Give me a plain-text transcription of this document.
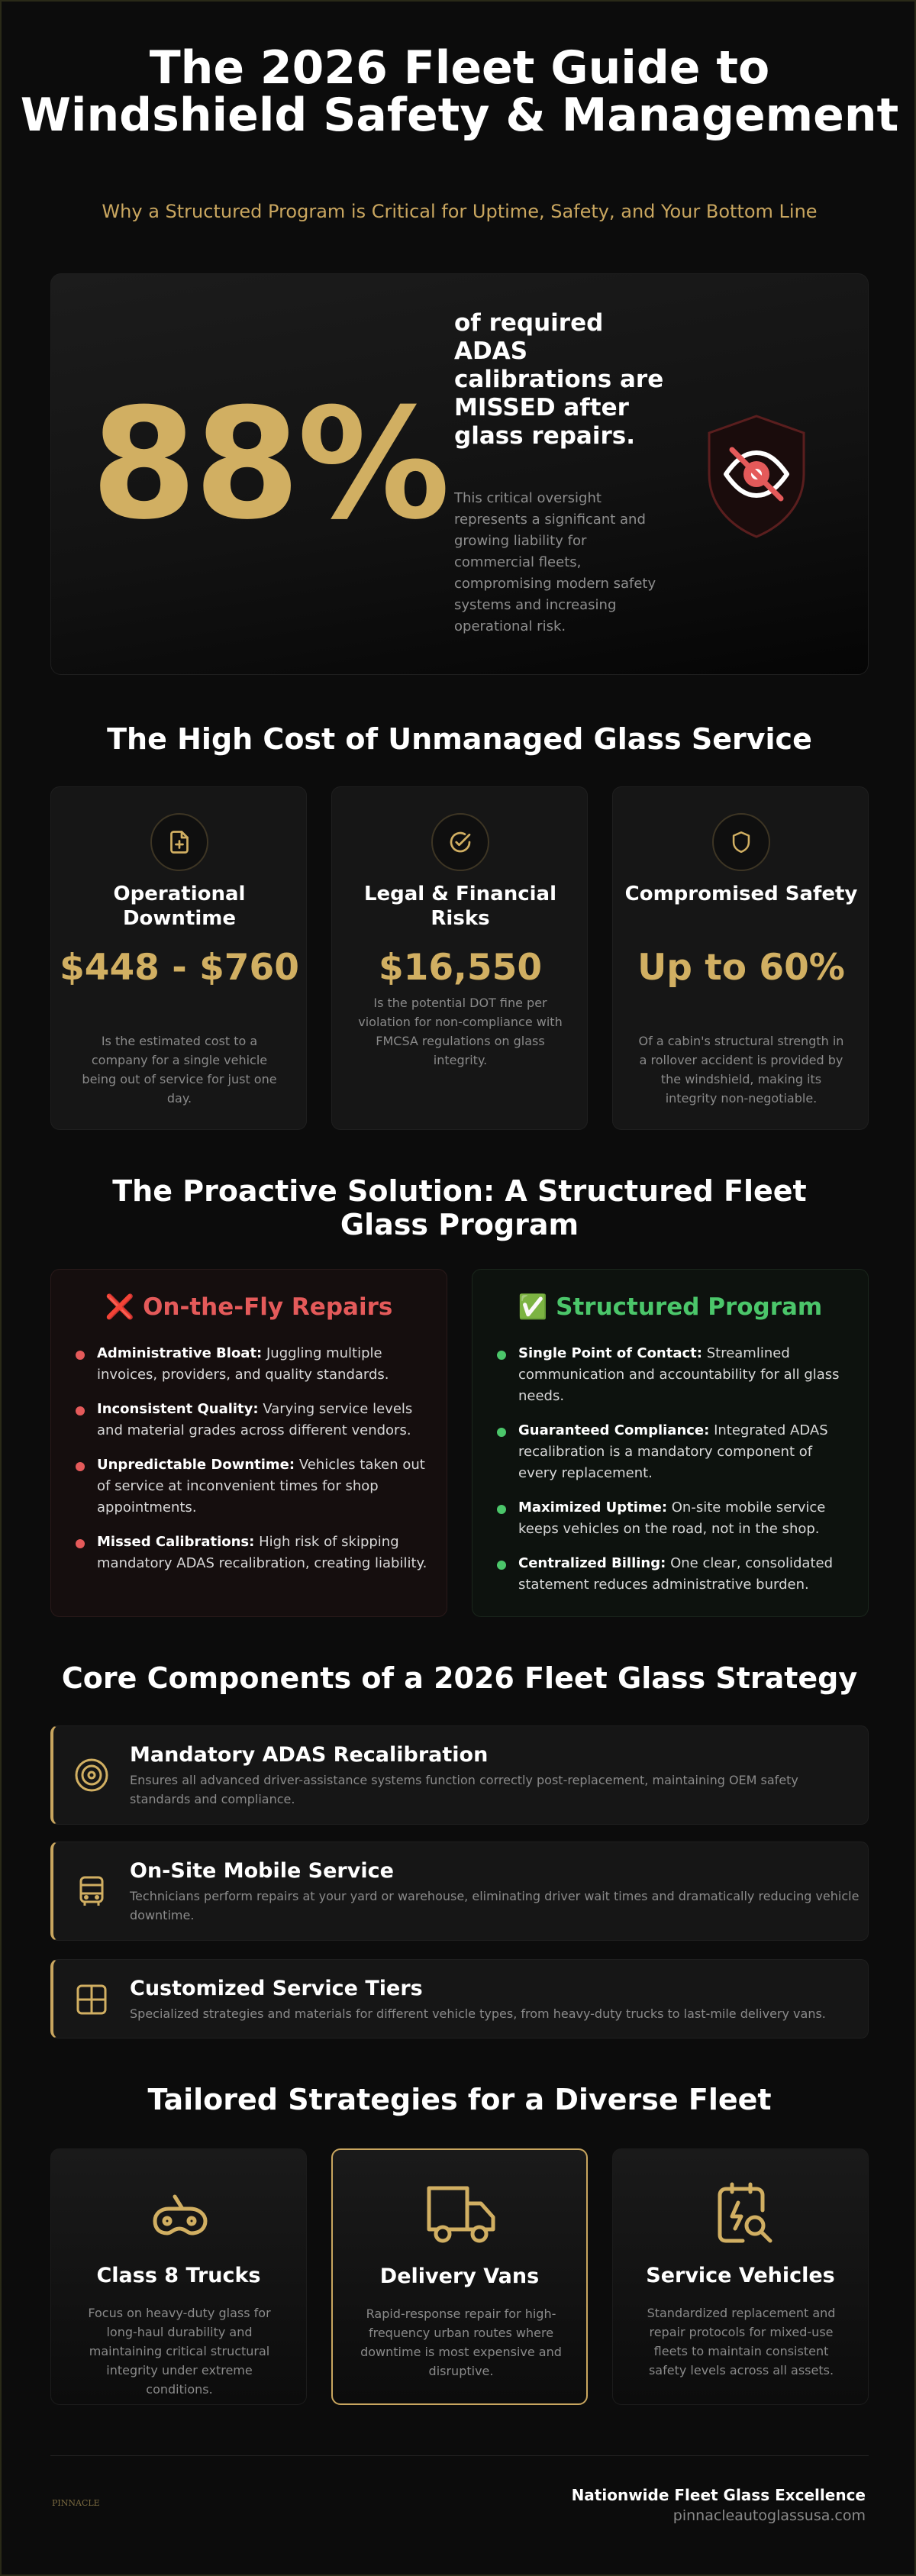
The 2026 Fleet Guide to Windshield Safety & Management

Why a Structured Program is Critical for Uptime, Safety, and Your Bottom Line

88%
of required ADAS calibrations are MISSED after glass repairs.
This critical oversight represents a significant and growing liability for commercial fleets, compromising modern safety systems and increasing operational risk.
The High Cost of Unmanaged Glass Service
Operational Downtime
$448 - $760
Is the estimated cost to a company for a single vehicle being out of service for just one day.
Legal & Financial Risks
$16,550
Is the potential DOT fine per violation for non-compliance with FMCSA regulations on glass integrity.
Compromised Safety
Up to 60%
Of a cabin's structural strength in a rollover accident is provided by the windshield, making its integrity non-negotiable.
The Proactive Solution: A Structured Fleet Glass Program
❌ On-the-Fly Repairs
Administrative Bloat: Juggling multiple invoices, providers, and quality standards.
Inconsistent Quality: Varying service levels and material grades across different vendors.
Unpredictable Downtime: Vehicles taken out of service at inconvenient times for shop appointments.
Missed Calibrations: High risk of skipping mandatory ADAS recalibration, creating liability.
✅ Structured Program
Single Point of Contact: Streamlined communication and accountability for all glass needs.
Guaranteed Compliance: Integrated ADAS recalibration is a mandatory component of every replacement.
Maximized Uptime: On-site mobile service keeps vehicles on the road, not in the shop.
Centralized Billing: One clear, consolidated statement reduces administrative burden.
Core Components of a 2026 Fleet Glass Strategy
Mandatory ADAS Recalibration
Ensures all advanced driver-assistance systems function correctly post-replacement, maintaining OEM safety standards and compliance.
On-Site Mobile Service
Technicians perform repairs at your yard or warehouse, eliminating driver wait times and dramatically reducing vehicle downtime.
Customized Service Tiers
Specialized strategies and materials for different vehicle types, from heavy-duty trucks to last-mile delivery vans.
Tailored Strategies for a Diverse Fleet
Class 8 Trucks
Focus on heavy-duty glass for long-haul durability and maintaining critical structural integrity under extreme conditions.
Delivery Vans
Rapid-response repair for high-frequency urban routes where downtime is most expensive and disruptive.
Service Vehicles
Standardized replacement and repair protocols for mixed-use fleets to maintain consistent safety levels across all assets.
PINNACLE	Nationwide Fleet Glass Excellence
pinnacleautoglassusa.com
